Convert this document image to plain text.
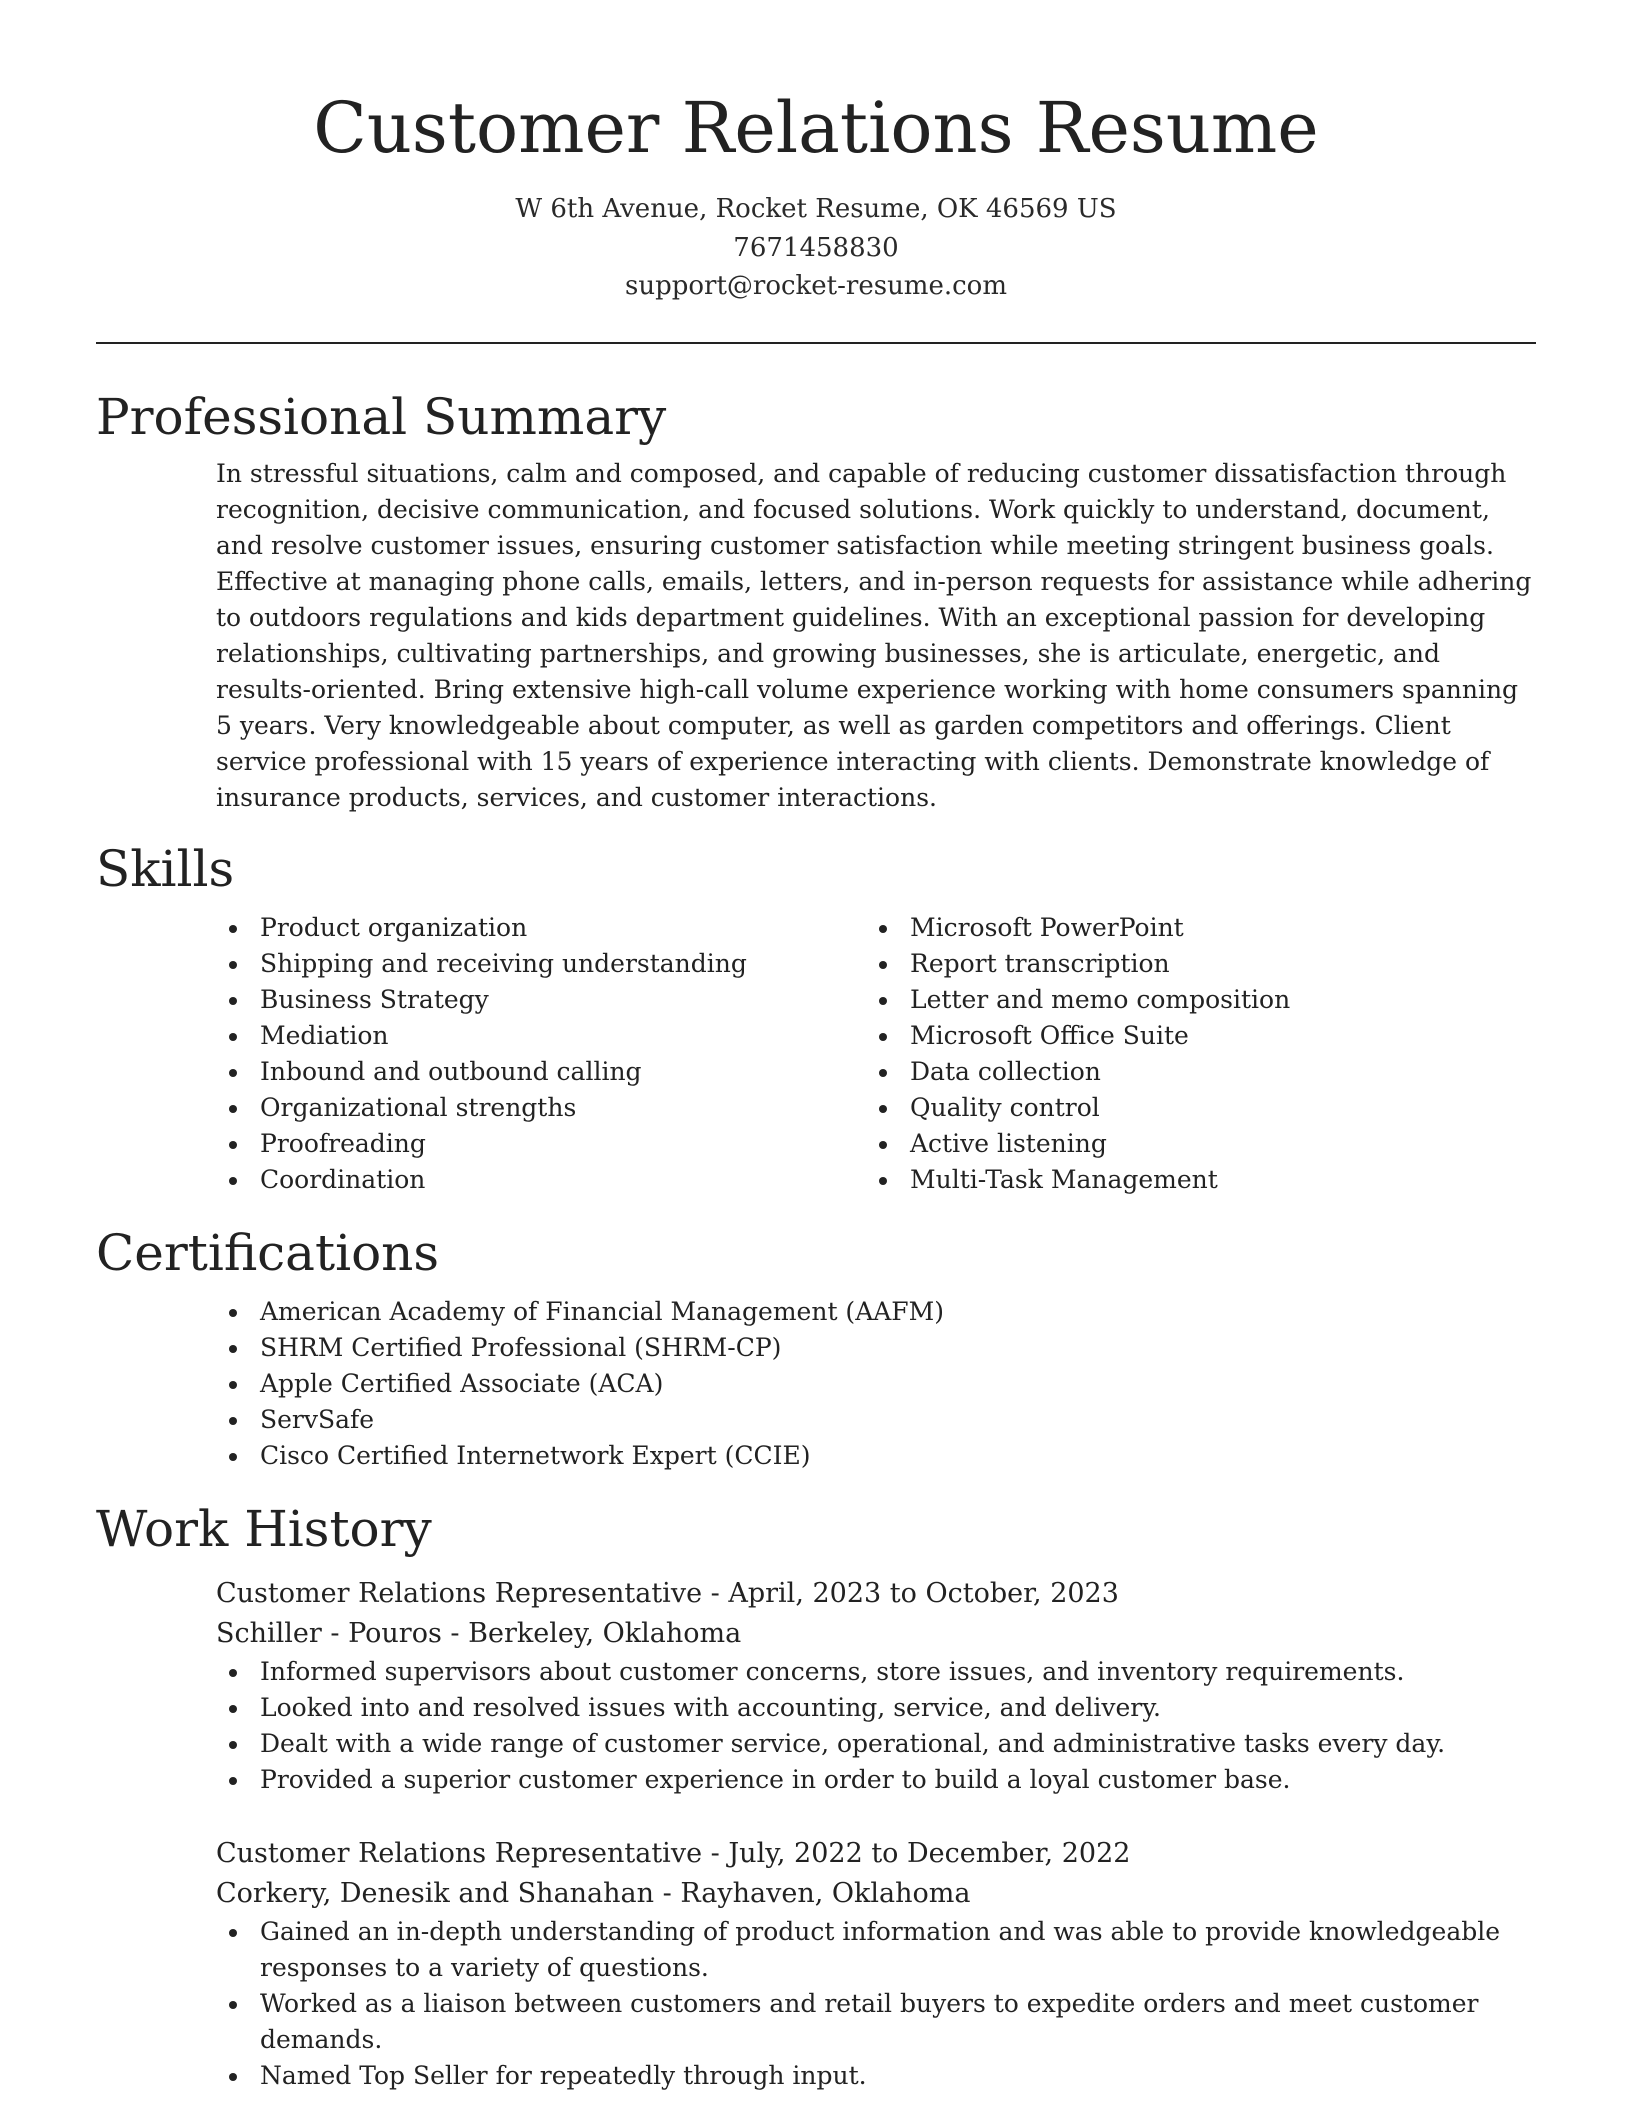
Customer Relations Resume
W 6th Avenue, Rocket Resume, OK 46569 US
7671458830
support@rocket-resume.com
Professional Summary

In stressful situations, calm and composed, and capable of reducing customer dissatisfaction through recognition, decisive communication, and focused solutions. Work quickly to understand, document, and resolve customer issues, ensuring customer satisfaction while meeting stringent business goals. Effective at managing phone calls, emails, letters, and in-person requests for assistance while adhering to outdoors regulations and kids department guidelines. With an exceptional passion for developing relationships, cultivating partnerships, and growing businesses, she is articulate, energetic, and results-oriented. Bring extensive high-call volume experience working with home consumers spanning 5 years. Very knowledgeable about computer, as well as garden competitors and offerings. Client service professional with 15 years of experience interacting with clients. Demonstrate knowledge of insurance products, services, and customer interactions.

Skills
Product organization
Shipping and receiving understanding
Business Strategy
Mediation
Inbound and outbound calling
Organizational strengths
Proofreading
Coordination
Microsoft PowerPoint
Report transcription
Letter and memo composition
Microsoft Office Suite
Data collection
Quality control
Active listening
Multi-Task Management
Certifications
American Academy of Financial Management (AAFM)
SHRM Certified Professional (SHRM-CP)
Apple Certified Associate (ACA)
ServSafe
Cisco Certified Internetwork Expert (CCIE)
Work History
Customer Relations Representative - April, 2023 to October, 2023
Schiller - Pouros - Berkeley, Oklahoma
Informed supervisors about customer concerns, store issues, and inventory requirements.
Looked into and resolved issues with accounting, service, and delivery.
Dealt with a wide range of customer service, operational, and administrative tasks every day.
Provided a superior customer experience in order to build a loyal customer base.
Customer Relations Representative - July, 2022 to December, 2022
Corkery, Denesik and Shanahan - Rayhaven, Oklahoma
Gained an in-depth understanding of product information and was able to provide knowledgeable responses to a variety of questions.
Worked as a liaison between customers and retail buyers to expedite orders and meet customer demands.
Named Top Seller for repeatedly through input.
